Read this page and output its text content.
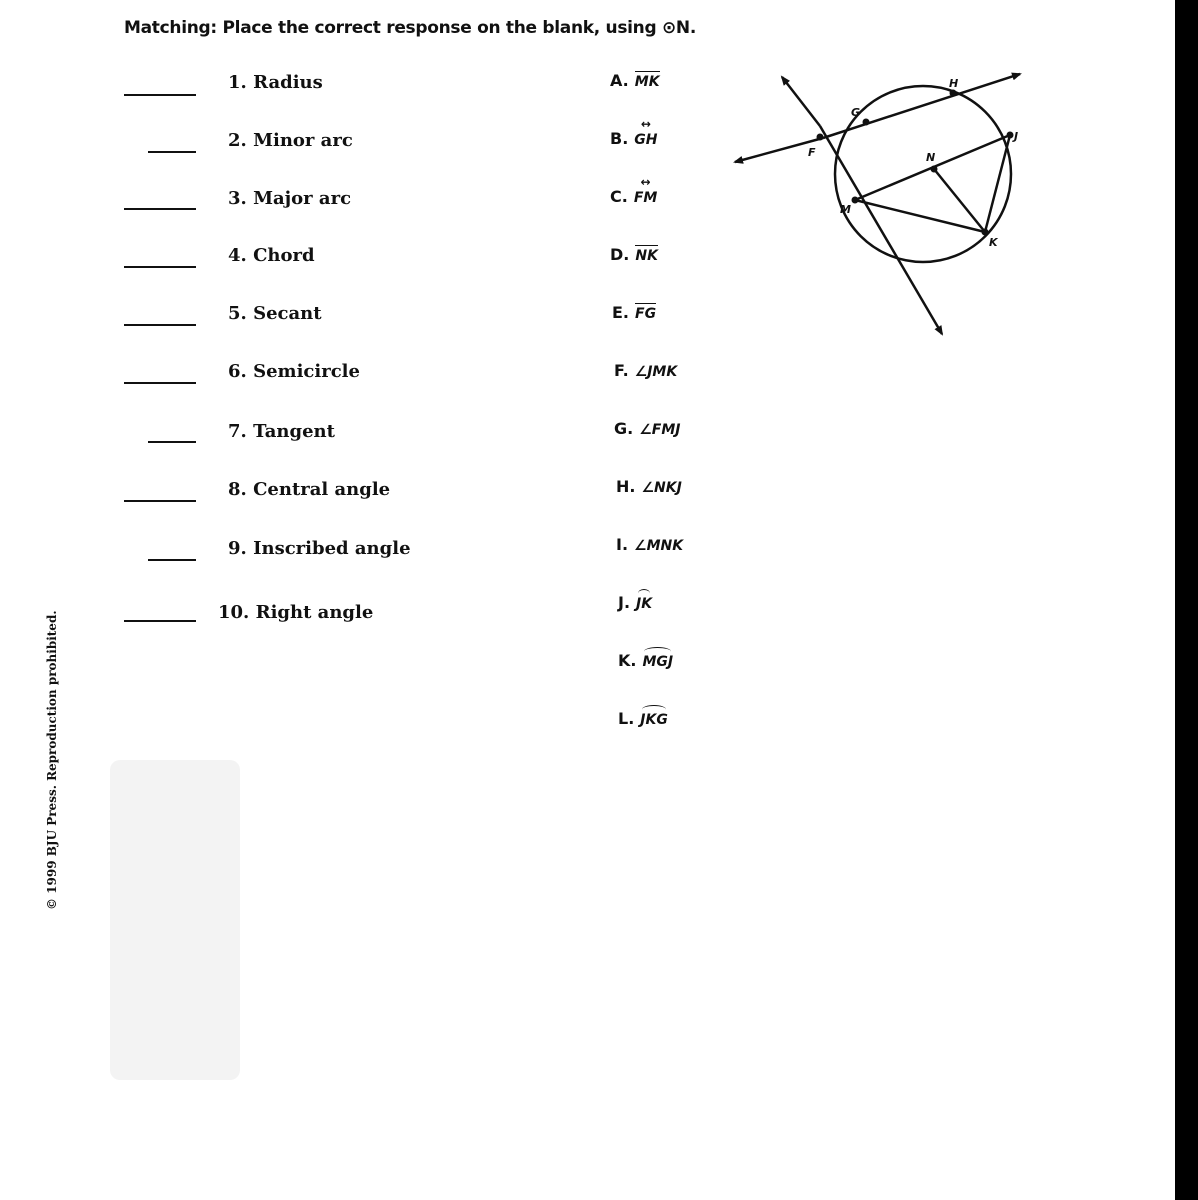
Matching: Place the correct response on the blank, using ⊙N.
1. Radius
2. Minor arc
3. Major arc
4. Chord
5. Secant
6. Semicircle
7. Tangent
8. Central angle
9. Inscribed angle
10. Right angle
A. MK
B. ↔ GH
C. ↔ FM
D. NK
E. FG
F. ∠JMK
G. ∠FMJ
H. ∠NKJ
I. ∠MNK
J. JK
K. MGJ
L. JKG
F
G
H
J
N
M
K
© 1999 BJU Press. Reproduction prohibited.
